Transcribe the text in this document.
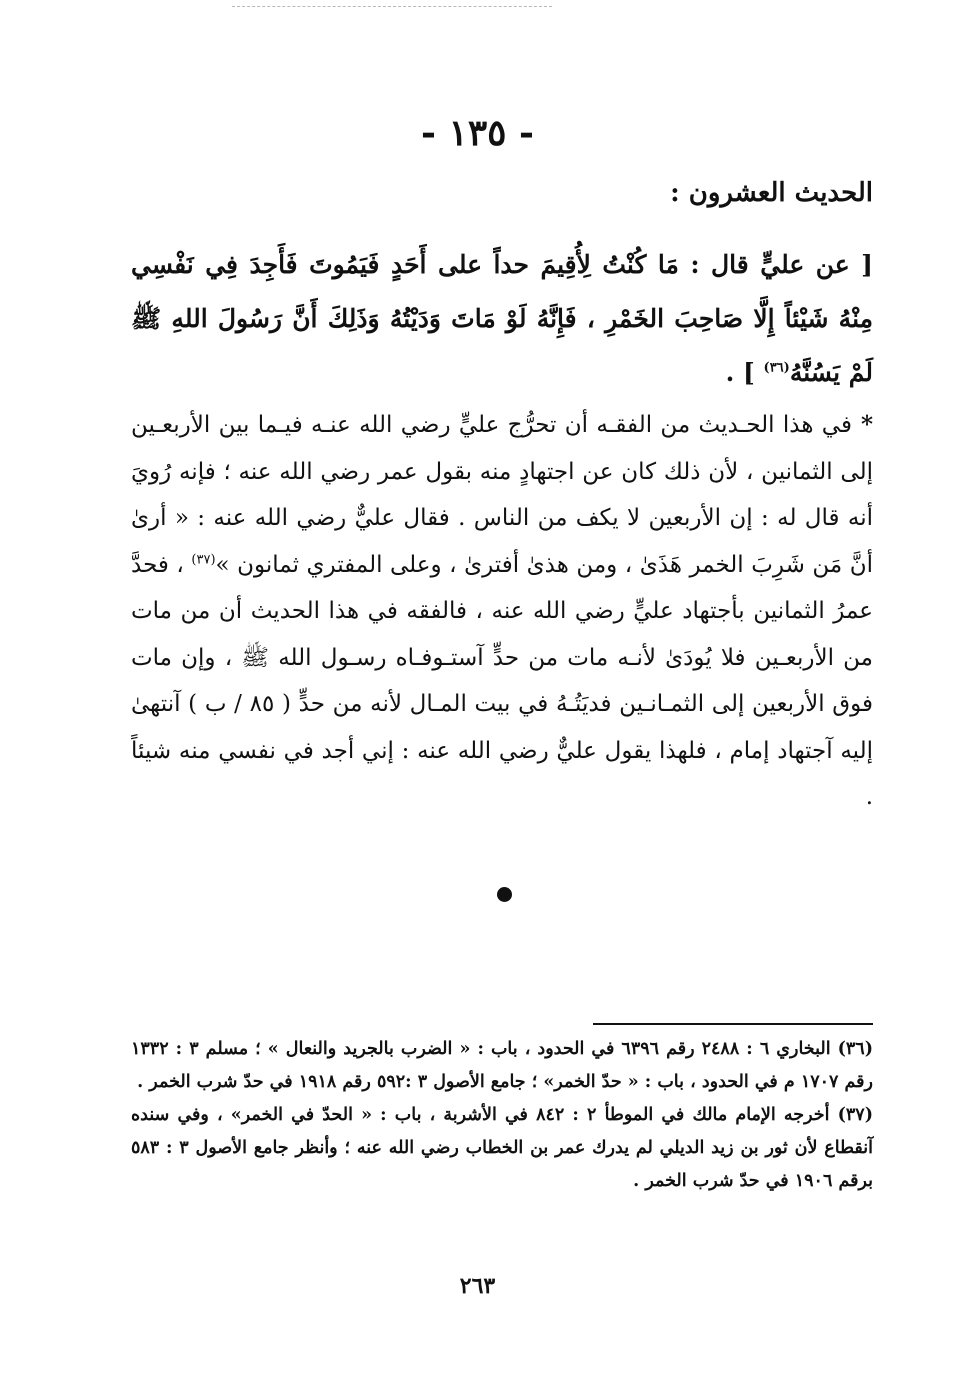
- ١٣٥ -
الحديث العشرون :
[ عن عليٍّ قال : مَا كُنْتُ لِأُقِيمَ حداً على أَحَدٍ فَيَمُوتَ فَأَجِدَ فِي نَفْسِي مِنْهُ شَيْئاً إِلَّا صَاحِبَ الخَمْرِ ، فَإِنَّهُ لَوْ مَاتَ وَدَيْتُهُ وَذَلِكَ أَنَّ رَسُولَ اللهِ ﷺ لَمْ يَسُنَّهُ$^{(٣٦)}$ ] .
* في هذا الحـديث من الفقـه أن تحرُّج عليٍّ رضي الله عنـه فيـما بين الأربعـين إلى الثمانين ، لأن ذلك كان عن اجتهادٍ منه بقول عمر رضي الله عنه ؛ فإنه رُويَ أنه قال له : إن الأربعين لا يكف من الناس . فقال عليٌّ رضي الله عنه : « أرىٰ أنَّ مَن شَرِبَ الخمر هَذَىٰ ، ومن هذىٰ أفترىٰ ، وعلى المفتري ثمانون »$^{(٣٧)}$ ، فحدَّ عمرُ الثمانين بأجتهاد عليٍّ رضي الله عنه ، فالفقه في هذا الحديث أن من مات من الأربعـين فلا يُودَىٰ لأنـه مات من حدٍّ آستـوفـاه رسـول الله ﷺ ، وإن مات فوق الأربعين إلى الثمـانـين فديَتُـهُ في بيت المـال لأنه من حدٍّ ( ٨٥ / ب ) آنتهىٰ إليه آجتهاد إمام ، فلهذا يقول عليٌّ رضي الله عنه : إني أجد في نفسي منه شيئاً .

(٣٦) البخاري ٦ : ٢٤٨٨ رقم ٦٣٩٦ في الحدود ، باب : « الضرب بالجريد والنعال » ؛ مسلم ٣ : ١٣٣٢ رقم ١٧٠٧ م في الحدود ، باب : « حدّ الخمر» ؛ جامع الأصول ٣ :٥٩٢ رقم ١٩١٨ في حدّ شرب الخمر .

(٣٧) أخرجه الإمام مالك في الموطأ ٢ : ٨٤٢ في الأشربة ، باب : « الحدّ في الخمر» ، وفي سنده آنقطاع لأن ثور بن زيد الديلي لم يدرك عمر بن الخطاب رضي الله عنه ؛ وأنظر جامع الأصول ٣ : ٥٨٣ برقم ١٩٠٦ في حدّ شرب الخمر .

٢٦٣
